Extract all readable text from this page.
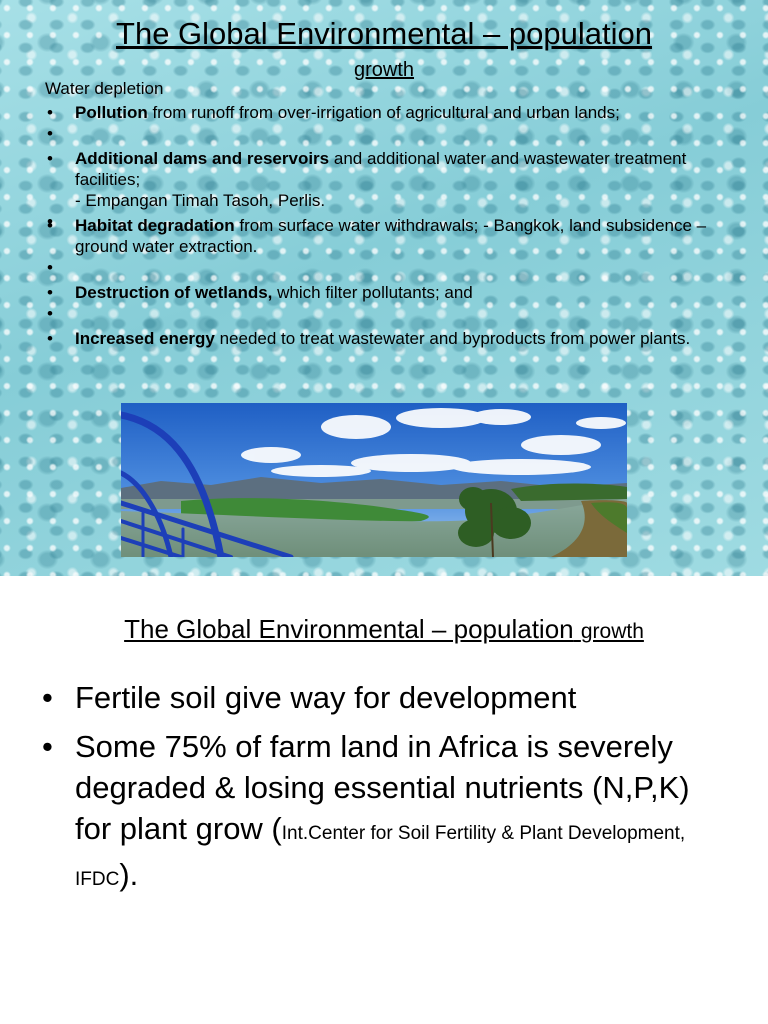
The Global Environmental – population
growth
Water depletion
• Pollution from runoff from over-irrigation of agricultural and urban lands;
•
• Additional dams and reservoirs and additional water and wastewater treatment facilities;
- Empangan Timah Tasoh, Perlis.
•
• Habitat degradation from surface water withdrawals; - Bangkok, land subsidence – ground water extraction.
•
• Destruction of wetlands, which filter pollutants; and
•
• Increased energy needed to treat wastewater and byproducts from power plants.
The Global Environmental – population growth
• Fertile soil give way for development
• Some 75% of farm land in Africa is severely degraded & losing essential nutrients (N,P,K) for plant grow (Int.Center for Soil Fertility & Plant Development, IFDC).
